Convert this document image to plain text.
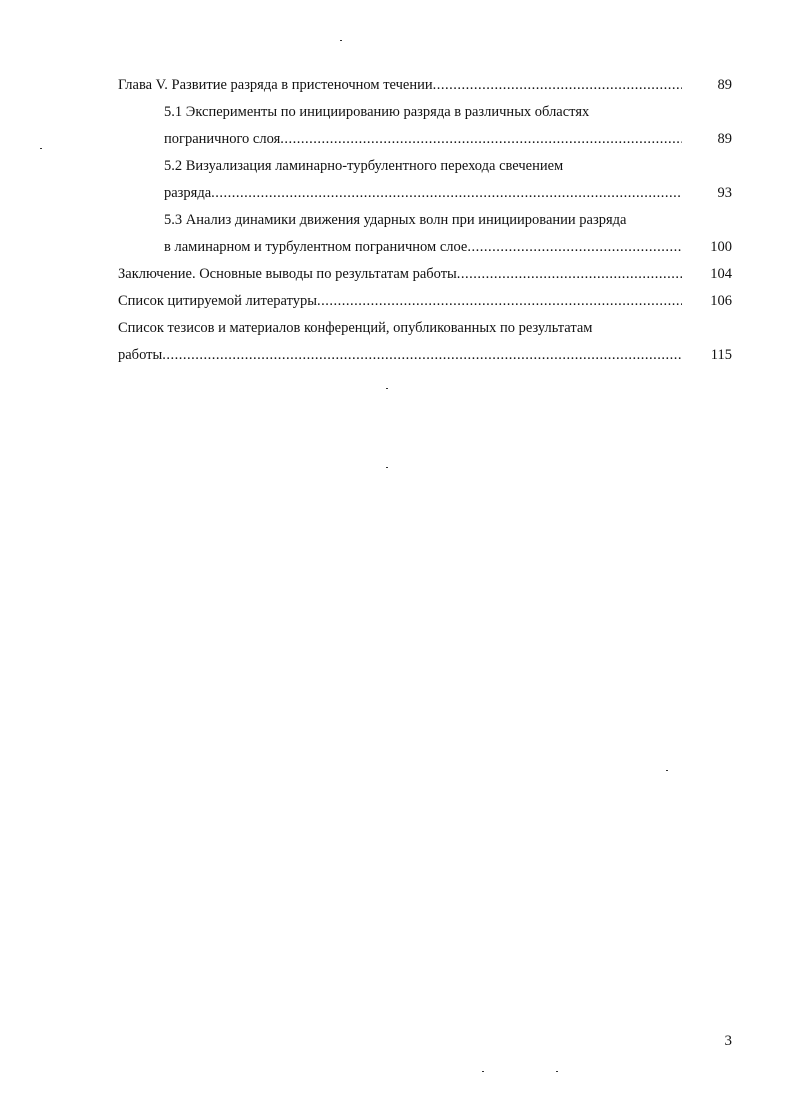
Глава V. Развитие разряда в пристеночном течении .....	89
5.1 Эксперименты по инициированию разряда в различных областях
пограничного слоя .....	89
5.2 Визуализация ламинарно-турбулентного перехода свечением
разряда .....	93
5.3 Анализ динамики движения ударных волн при инициировании разряда
в ламинарном и турбулентном пограничном слое .....	100
Заключение. Основные выводы по результатам работы .....	104
Список цитируемой литературы .....	106
Список тезисов и материалов конференций, опубликованных по результатам
работы .....	115
3
